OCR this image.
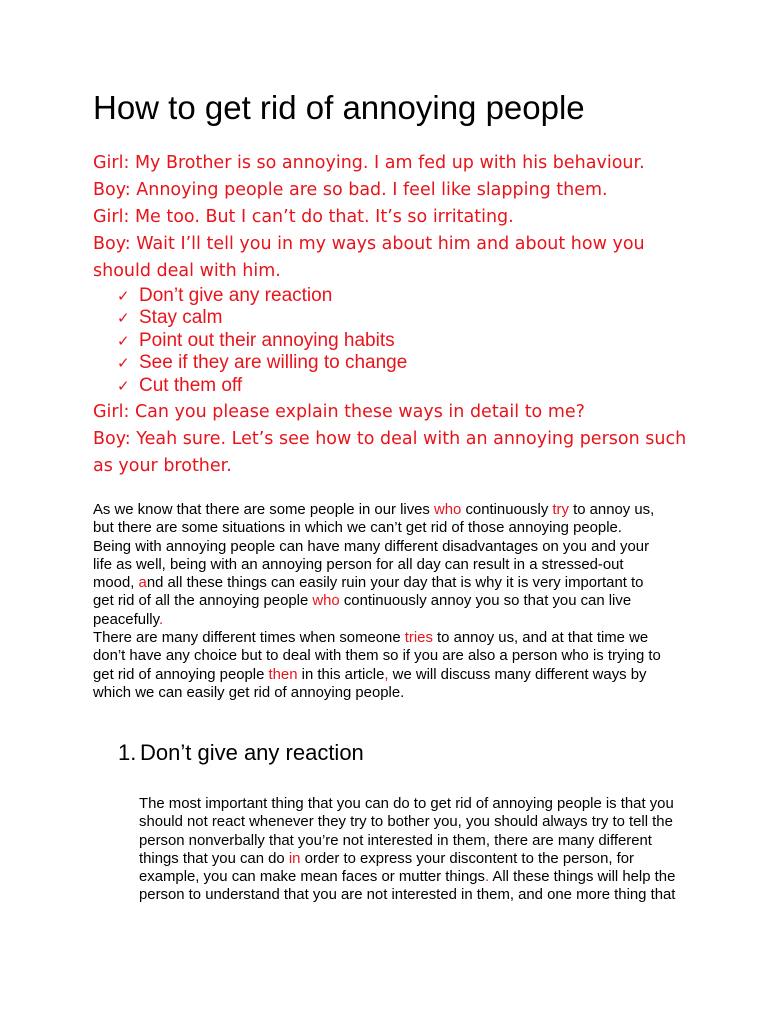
How to get rid of annoying people

Girl: My Brother is so annoying. I am fed up with his behaviour.

Boy: Annoying people are so bad. I feel like slapping them.

Girl: Me too. But I can’t do that. It’s so irritating.

Boy: Wait I’ll tell you in my ways about him and about how you should deal with him.

✓ Don’t give any reaction
✓ Stay calm
✓ Point out their annoying habits
✓ See if they are willing to change
✓ Cut them off

Girl: Can you please explain these ways in detail to me?

Boy: Yeah sure. Let’s see how to deal with an annoying person such as your brother.

As we know that there are some people in our lives who continuously try to annoy us, but there are some situations in which we can’t get rid of those annoying people. Being with annoying people can have many different disadvantages on you and your life as well, being with an annoying person for all day can result in a stressed-out mood, and all these things can easily ruin your day that is why it is very important to get rid of all the annoying people who continuously annoy you so that you can live peacefully.

There are many different times when someone tries to annoy us, and at that time we don’t have any choice but to deal with them so if you are also a person who is trying to get rid of annoying people then in this article, we will discuss many different ways by which we can easily get rid of annoying people.

1. Don’t give any reaction

The most important thing that you can do to get rid of annoying people is that you should not react whenever they try to bother you, you should always try to tell the person nonverbally that you’re not interested in them, there are many different things that you can do in order to express your discontent to the person, for example, you can make mean faces or mutter things. All these things will help the person to understand that you are not interested in them, and one more thing that
